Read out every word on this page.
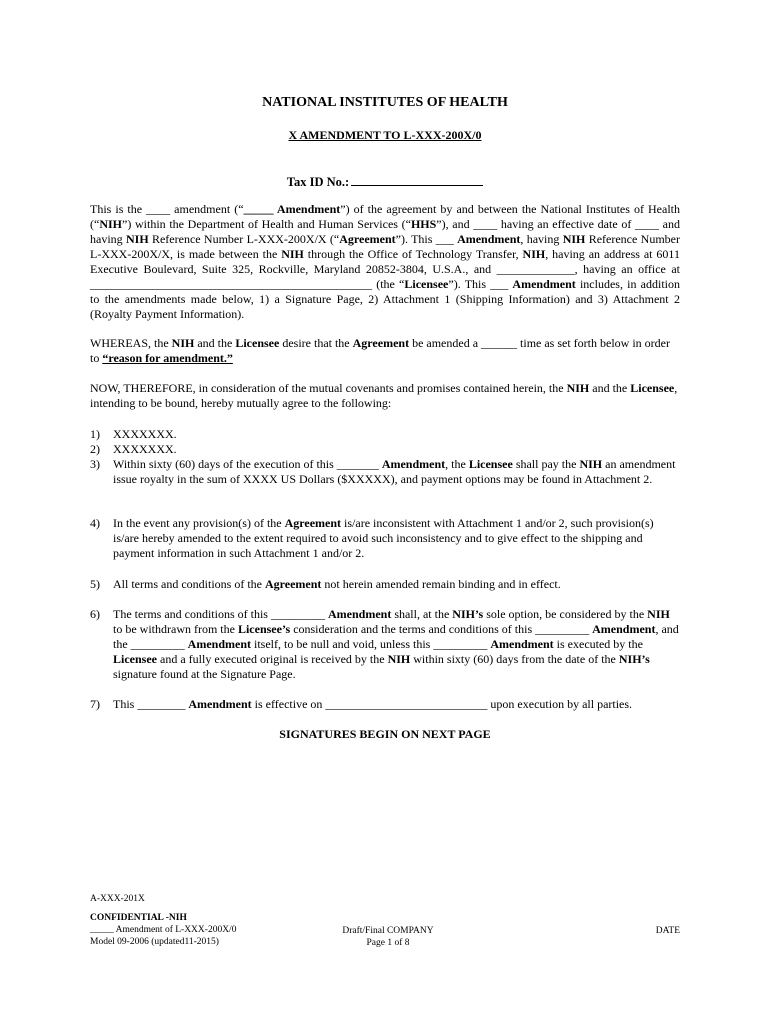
NATIONAL INSTITUTES OF HEALTH
X AMENDMENT TO L-XXX-200X/0
Tax ID No.:

This is the ____ amendment (“_____ Amendment”) of the agreement by and between the National Institutes of Health (“NIH”) within the Department of Health and Human Services (“HHS”), and ____ having an effective date of ____ and having NIH Reference Number L-XXX-200X/X (“Agreement”). This ___ Amendment, having NIH Reference Number L-XXX-200X/X, is made between the NIH through the Office of Technology Transfer, NIH, having an address at 6011 Executive Boulevard, Suite 325, Rockville, Maryland 20852-3804, U.S.A., and _____________, having an office at _______________________________________________ (the “Licensee”). This ___ Amendment includes, in addition to the amendments made below, 1) a Signature Page, 2) Attachment 1 (Shipping Information) and 3) Attachment 2 (Royalty Payment Information).

WHEREAS, the NIH and the Licensee desire that the Agreement be amended a ______ time as set forth below in order to “reason for amendment.”

NOW, THEREFORE, in consideration of the mutual covenants and promises contained herein, the NIH and the Licensee, intending to be bound, hereby mutually agree to the following:

1) XXXXXXX.
2) XXXXXXX.
3) Within sixty (60) days of the execution of this _______ Amendment, the Licensee shall pay the NIH an amendment issue royalty in the sum of XXXX US Dollars ($XXXXX), and payment options may be found in Attachment 2.
4) In the event any provision(s) of the Agreement is/are inconsistent with Attachment 1 and/or 2, such provision(s) is/are hereby amended to the extent required to avoid such inconsistency and to give effect to the shipping and payment information in such Attachment 1 and/or 2.
5) All terms and conditions of the Agreement not herein amended remain binding and in effect.
6) The terms and conditions of this _________ Amendment shall, at the NIH’s sole option, be considered by the NIH to be withdrawn from the Licensee’s consideration and the terms and conditions of this _________ Amendment, and the _________ Amendment itself, to be null and void, unless this _________ Amendment is executed by the Licensee and a fully executed original is received by the NIH within sixty (60) days from the date of the NIH’s signature found at the Signature Page.
7) This ________ Amendment is effective on ___________________________ upon execution by all parties.
SIGNATURES BEGIN ON NEXT PAGE
A-XXX-201X
CONFIDENTIAL -NIH
_____ Amendment of L-XXX-200X/0
Model 09-2006 (updated11-2015)
Draft/Final COMPANY
Page 1 of 8
DATE
